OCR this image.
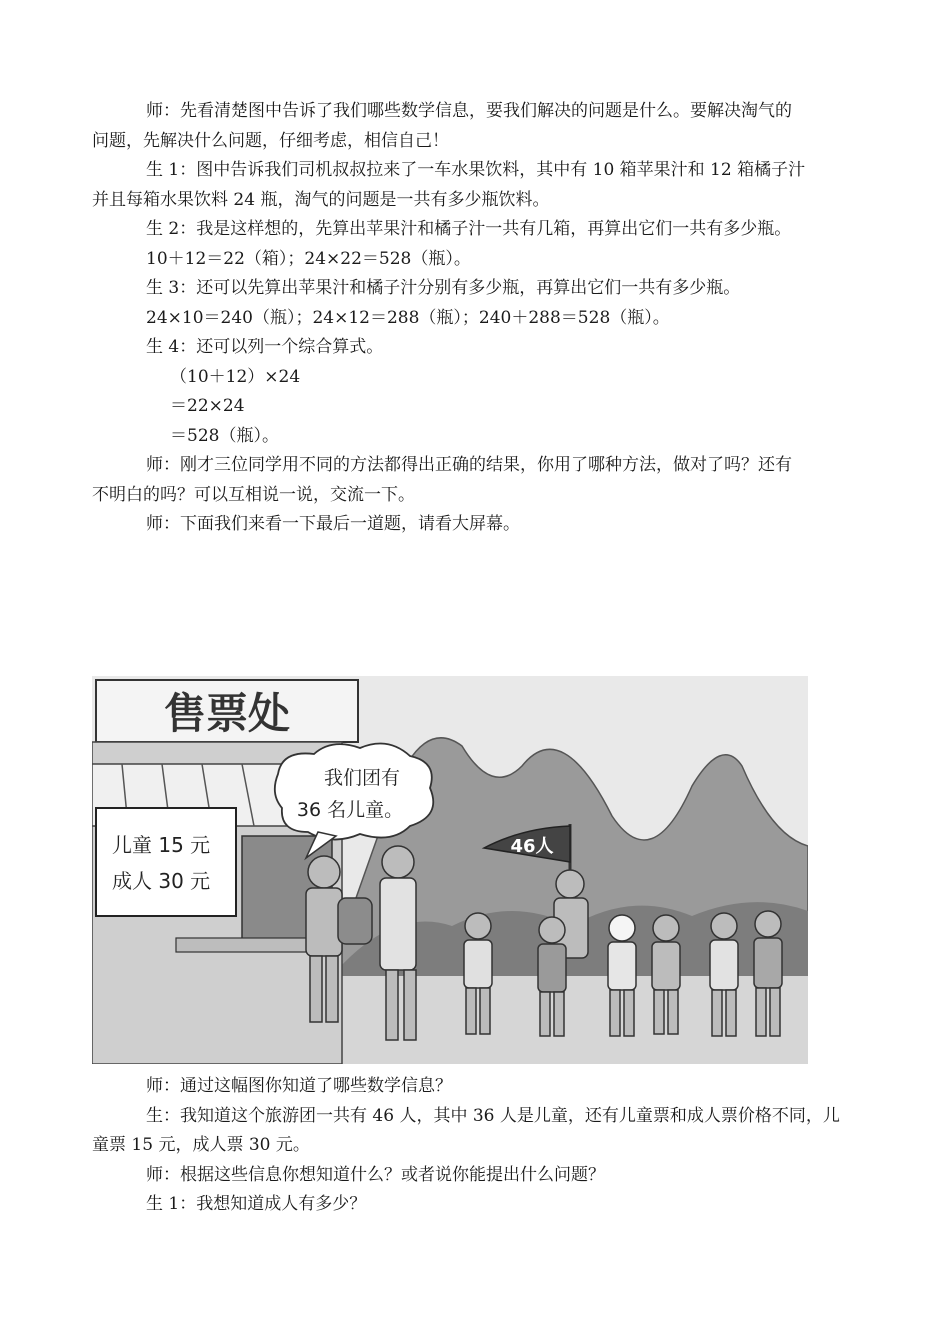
师：先看清楚图中告诉了我们哪些数学信息，要我们解决的问题是什么。要解决淘气的
问题，先解决什么问题，仔细考虑，相信自己！
生 1：图中告诉我们司机叔叔拉来了一车水果饮料，其中有 10 箱苹果汁和 12 箱橘子汁
并且每箱水果饮料 24 瓶，淘气的问题是一共有多少瓶饮料。
生 2：我是这样想的，先算出苹果汁和橘子汁一共有几箱，再算出它们一共有多少瓶。
10＋12＝22（箱）；24×22＝528（瓶）。
生 3：还可以先算出苹果汁和橘子汁分别有多少瓶，再算出它们一共有多少瓶。
24×10＝240（瓶）；24×12＝288（瓶）；240＋288＝528（瓶）。
生 4：还可以列一个综合算式。
（10＋12）×24
＝22×24
＝528（瓶）。
师：刚才三位同学用不同的方法都得出正确的结果，你用了哪种方法，做对了吗？还有
不明白的吗？可以互相说一说，交流一下。
师：下面我们来看一下最后一道题，请看大屏幕。
售票处
儿童 15 元
成人 30 元
我们团有
36 名儿童。
46人
师：通过这幅图你知道了哪些数学信息？
生：我知道这个旅游团一共有 46 人，其中 36 人是儿童，还有儿童票和成人票价格不同，儿
童票 15 元，成人票 30 元。
师：根据这些信息你想知道什么？或者说你能提出什么问题？
生 1：我想知道成人有多少？
